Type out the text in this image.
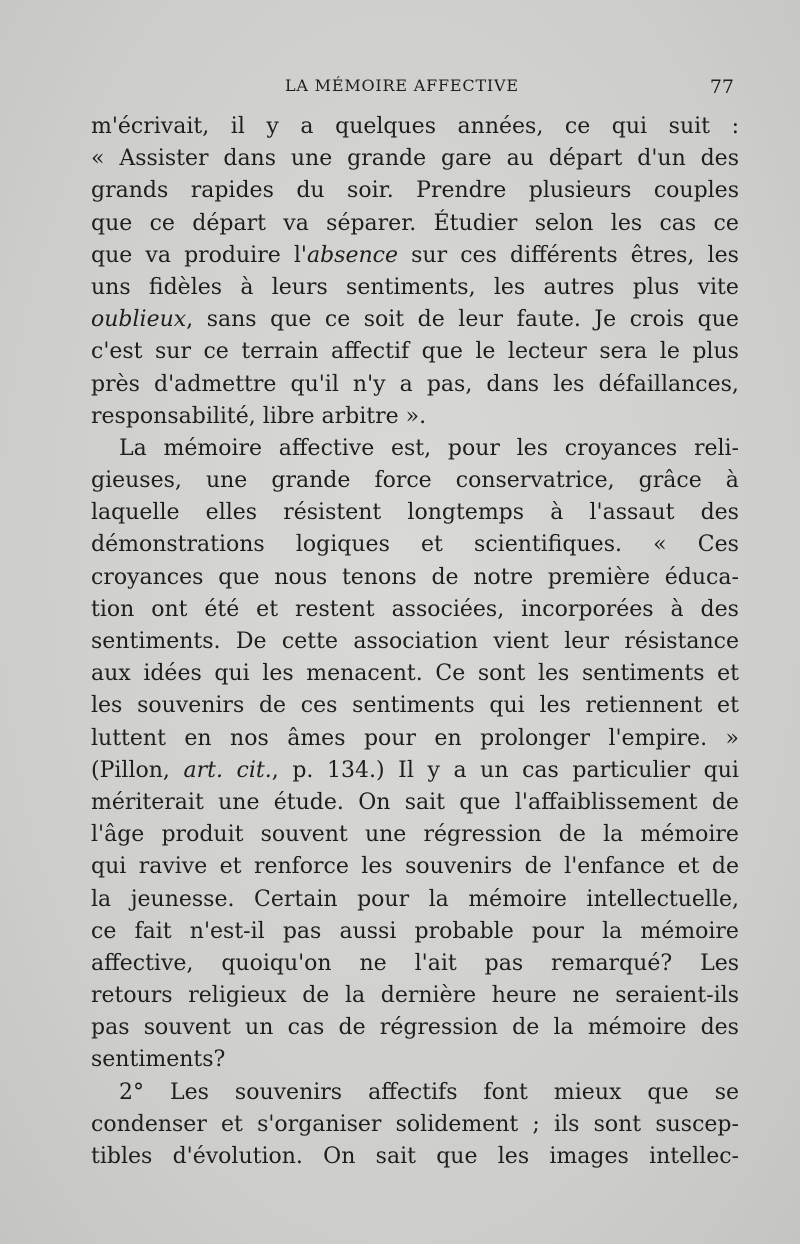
LA MÉMOIRE AFFECTIVE	77
m'écrivait, il y a quelques années, ce qui suit :
« Assister dans une grande gare au départ d'un des
grands rapides du soir. Prendre plusieurs couples
que ce départ va séparer. Étudier selon les cas ce
que va produire l'absence sur ces différents êtres, les
uns fidèles à leurs sentiments, les autres plus vite
oublieux, sans que ce soit de leur faute. Je crois que
c'est sur ce terrain affectif que le lecteur sera le plus
près d'admettre qu'il n'y a pas, dans les défaillances,
responsabilité, libre arbitre ».
La mémoire affective est, pour les croyances reli-
gieuses, une grande force conservatrice, grâce à
laquelle elles résistent longtemps à l'assaut des
démonstrations logiques et scientifiques. « Ces
croyances que nous tenons de notre première éduca-
tion ont été et restent associées, incorporées à des
sentiments. De cette association vient leur résistance
aux idées qui les menacent. Ce sont les sentiments et
les souvenirs de ces sentiments qui les retiennent et
luttent en nos âmes pour en prolonger l'empire. »
(Pillon, art. cit., p. 134.) Il y a un cas particulier qui
mériterait une étude. On sait que l'affaiblissement de
l'âge produit souvent une régression de la mémoire
qui ravive et renforce les souvenirs de l'enfance et de
la jeunesse. Certain pour la mémoire intellectuelle,
ce fait n'est-il pas aussi probable pour la mémoire
affective, quoiqu'on ne l'ait pas remarqué? Les
retours religieux de la dernière heure ne seraient-ils
pas souvent un cas de régression de la mémoire des
sentiments?
2° Les souvenirs affectifs font mieux que se
condenser et s'organiser solidement ; ils sont suscep-
tibles d'évolution. On sait que les images intellec-
